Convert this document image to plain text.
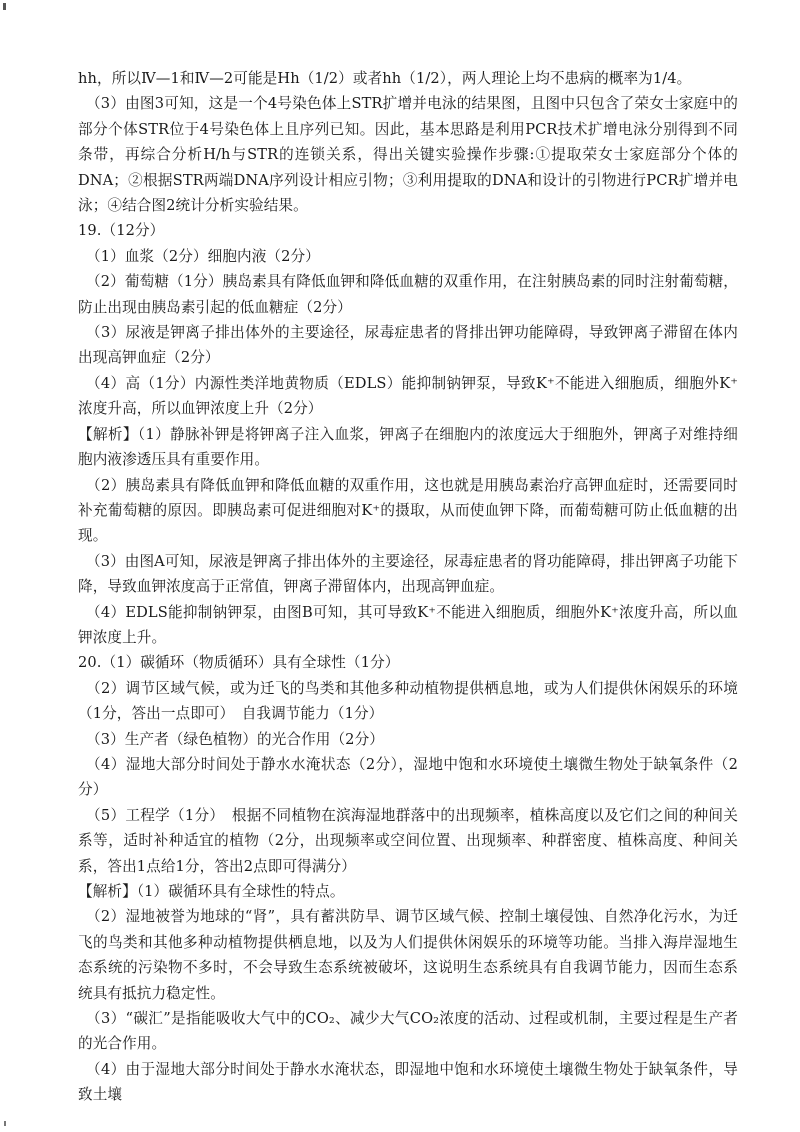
hh，所以Ⅳ—1和Ⅳ—2可能是Hh（1/2）或者hh（1/2），两人理论上均不患病的概率为1/4。

（3）由图3可知，这是一个4号染色体上STR扩增并电泳的结果图，且图中只包含了荣女士家庭中的部分个体STR位于4号染色体上且序列已知。因此，基本思路是利用PCR技术扩增电泳分别得到不同条带，再综合分析H/h与STR的连锁关系，得出关键实验操作步骤:①提取荣女士家庭部分个体的DNA；②根据STR两端DNA序列设计相应引物；③利用提取的DNA和设计的引物进行PCR扩增并电泳；④结合图2统计分析实验结果。

19.（12分）

（1）血浆（2分）细胞内液（2分）

（2）葡萄糖（1分）胰岛素具有降低血钾和降低血糖的双重作用，在注射胰岛素的同时注射葡萄糖，防止出现由胰岛素引起的低血糖症（2分）

（3）尿液是钾离子排出体外的主要途径，尿毒症患者的肾排出钾功能障碍，导致钾离子滞留在体内出现高钾血症（2分）

（4）高（1分）内源性类洋地黄物质（EDLS）能抑制钠钾泵，导致K⁺不能进入细胞质，细胞外K⁺浓度升高，所以血钾浓度上升（2分）

【解析】（1）静脉补钾是将钾离子注入血浆，钾离子在细胞内的浓度远大于细胞外，钾离子对维持细胞内液渗透压具有重要作用。

（2）胰岛素具有降低血钾和降低血糖的双重作用，这也就是用胰岛素治疗高钾血症时，还需要同时补充葡萄糖的原因。即胰岛素可促进细胞对K⁺的摄取，从而使血钾下降，而葡萄糖可防止低血糖的出现。

（3）由图A可知，尿液是钾离子排出体外的主要途径，尿毒症患者的肾功能障碍，排出钾离子功能下降，导致血钾浓度高于正常值，钾离子滞留体内，出现高钾血症。

（4）EDLS能抑制钠钾泵，由图B可知，其可导致K⁺不能进入细胞质，细胞外K⁺浓度升高，所以血钾浓度上升。

20.（1）碳循环（物质循环）具有全球性（1分）

（2）调节区域气候，或为迁飞的鸟类和其他多种动植物提供栖息地，或为人们提供休闲娱乐的环境（1分，答出一点即可）　自我调节能力（1分）

（3）生产者（绿色植物）的光合作用（2分）

（4）湿地大部分时间处于静水水淹状态（2分），湿地中饱和水环境使土壤微生物处于缺氧条件（2分）

（5）工程学（1分）　根据不同植物在滨海湿地群落中的出现频率，植株高度以及它们之间的种间关系等，适时补种适宜的植物（2分，出现频率或空间位置、出现频率、种群密度、植株高度、种间关系，答出1点给1分，答出2点即可得满分）

【解析】（1）碳循环具有全球性的特点。

（2）湿地被誉为地球的“肾”，具有蓄洪防旱、调节区域气候、控制土壤侵蚀、自然净化污水，为迁飞的鸟类和其他多种动植物提供栖息地，以及为人们提供休闲娱乐的环境等功能。当排入海岸湿地生态系统的污染物不多时，不会导致生态系统被破坏，这说明生态系统具有自我调节能力，因而生态系统具有抵抗力稳定性。

（3）“碳汇”是指能吸收大气中的CO₂、减少大气CO₂浓度的活动、过程或机制，主要过程是生产者的光合作用。

（4）由于湿地大部分时间处于静水水淹状态，即湿地中饱和水环境使土壤微生物处于缺氧条件，导致土壤
